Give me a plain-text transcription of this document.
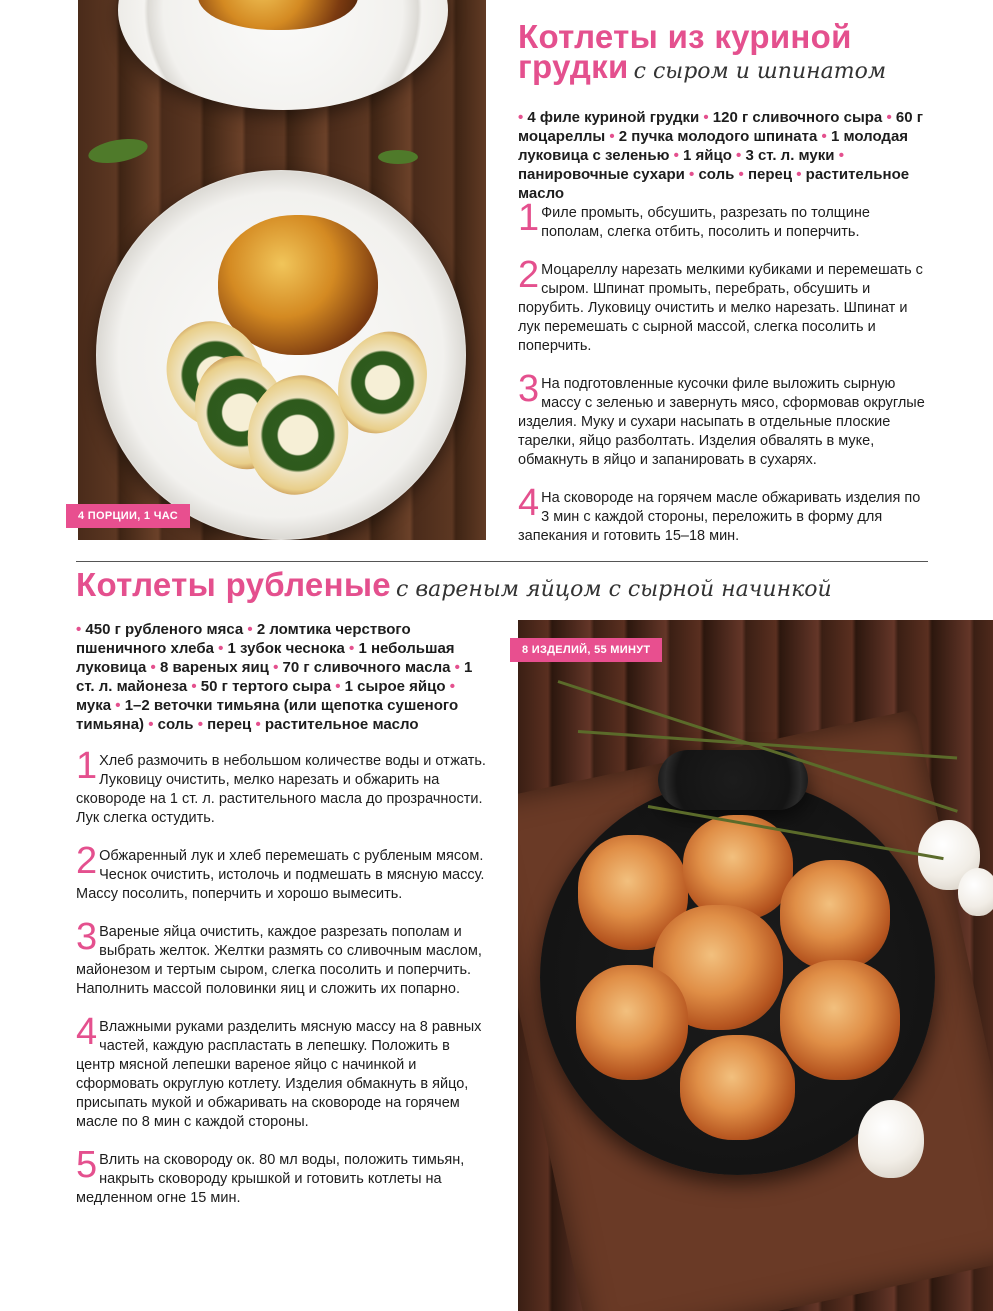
4 ПОРЦИИ, 1 ЧАС
Котлеты из куриной
грудки с сыром и шпинатом
• 4 филе куриной грудки • 120 г сливочного сыра • 60 г моцареллы • 2 пучка молодого шпината • 1 молодая луковица с зеленью • 1 яйцо • 3 ст. л. муки • панировочные сухари • соль • перец • растительное масло
1 Филе промыть, обсушить, разрезать по толщине пополам, слегка отбить, посолить и поперчить.
2 Моцареллу нарезать мелкими кубиками и перемешать с сыром. Шпинат промыть, перебрать, обсушить и порубить. Луковицу очистить и мелко нарезать. Шпинат и лук перемешать с сырной массой, слегка посолить и поперчить.
3 На подготовленные кусочки филе выложить сырную массу с зеленью и завернуть мясо, сформовав округлые изделия. Муку и сухари насыпать в отдельные плоские тарелки, яйцо разболтать. Изделия обвалять в муке, обмакнуть в яйцо и запанировать в сухарях.
4 На сковороде на горячем масле обжаривать изделия по 3 мин с каждой стороны, переложить в форму для запекания и готовить 15–18 мин.
Котлеты рубленые с вареным яйцом с сырной начинкой
• 450 г рубленого мяса • 2 ломтика черствого пшеничного хлеба • 1 зубок чеснока • 1 небольшая луковица • 8 вареных яиц • 70 г сливочного масла • 1 ст. л. майонеза • 50 г тертого сыра • 1 сырое яйцо • мука • 1–2 веточки тимьяна (или щепотка сушеного тимьяна) • соль • перец • растительное масло
1 Хлеб размочить в небольшом количестве воды и отжать. Луковицу очистить, мелко нарезать и обжарить на сковороде на 1 ст. л. растительного масла до прозрачности. Лук слегка остудить.
2 Обжаренный лук и хлеб перемешать с рубленым мясом. Чеснок очистить, истолочь и подмешать в мясную массу. Массу посолить, поперчить и хорошо вымесить.
3 Вареные яйца очистить, каждое разрезать пополам и выбрать желток. Желтки размять со сливочным маслом, майонезом и тертым сыром, слегка посолить и поперчить. Наполнить массой половинки яиц и сложить их попарно.
4 Влажными руками разделить мясную массу на 8 равных частей, каждую распластать в лепешку. Положить в центр мясной лепешки вареное яйцо с начинкой и сформовать округлую котлету. Изделия обмакнуть в яйцо, присыпать мукой и обжаривать на сковороде на горячем масле по 8 мин с каждой стороны.
5 Влить на сковороду ок. 80 мл воды, положить тимьян, накрыть сковороду крышкой и готовить котлеты на медленном огне 15 мин.
8 ИЗДЕЛИЙ, 55 МИНУТ
